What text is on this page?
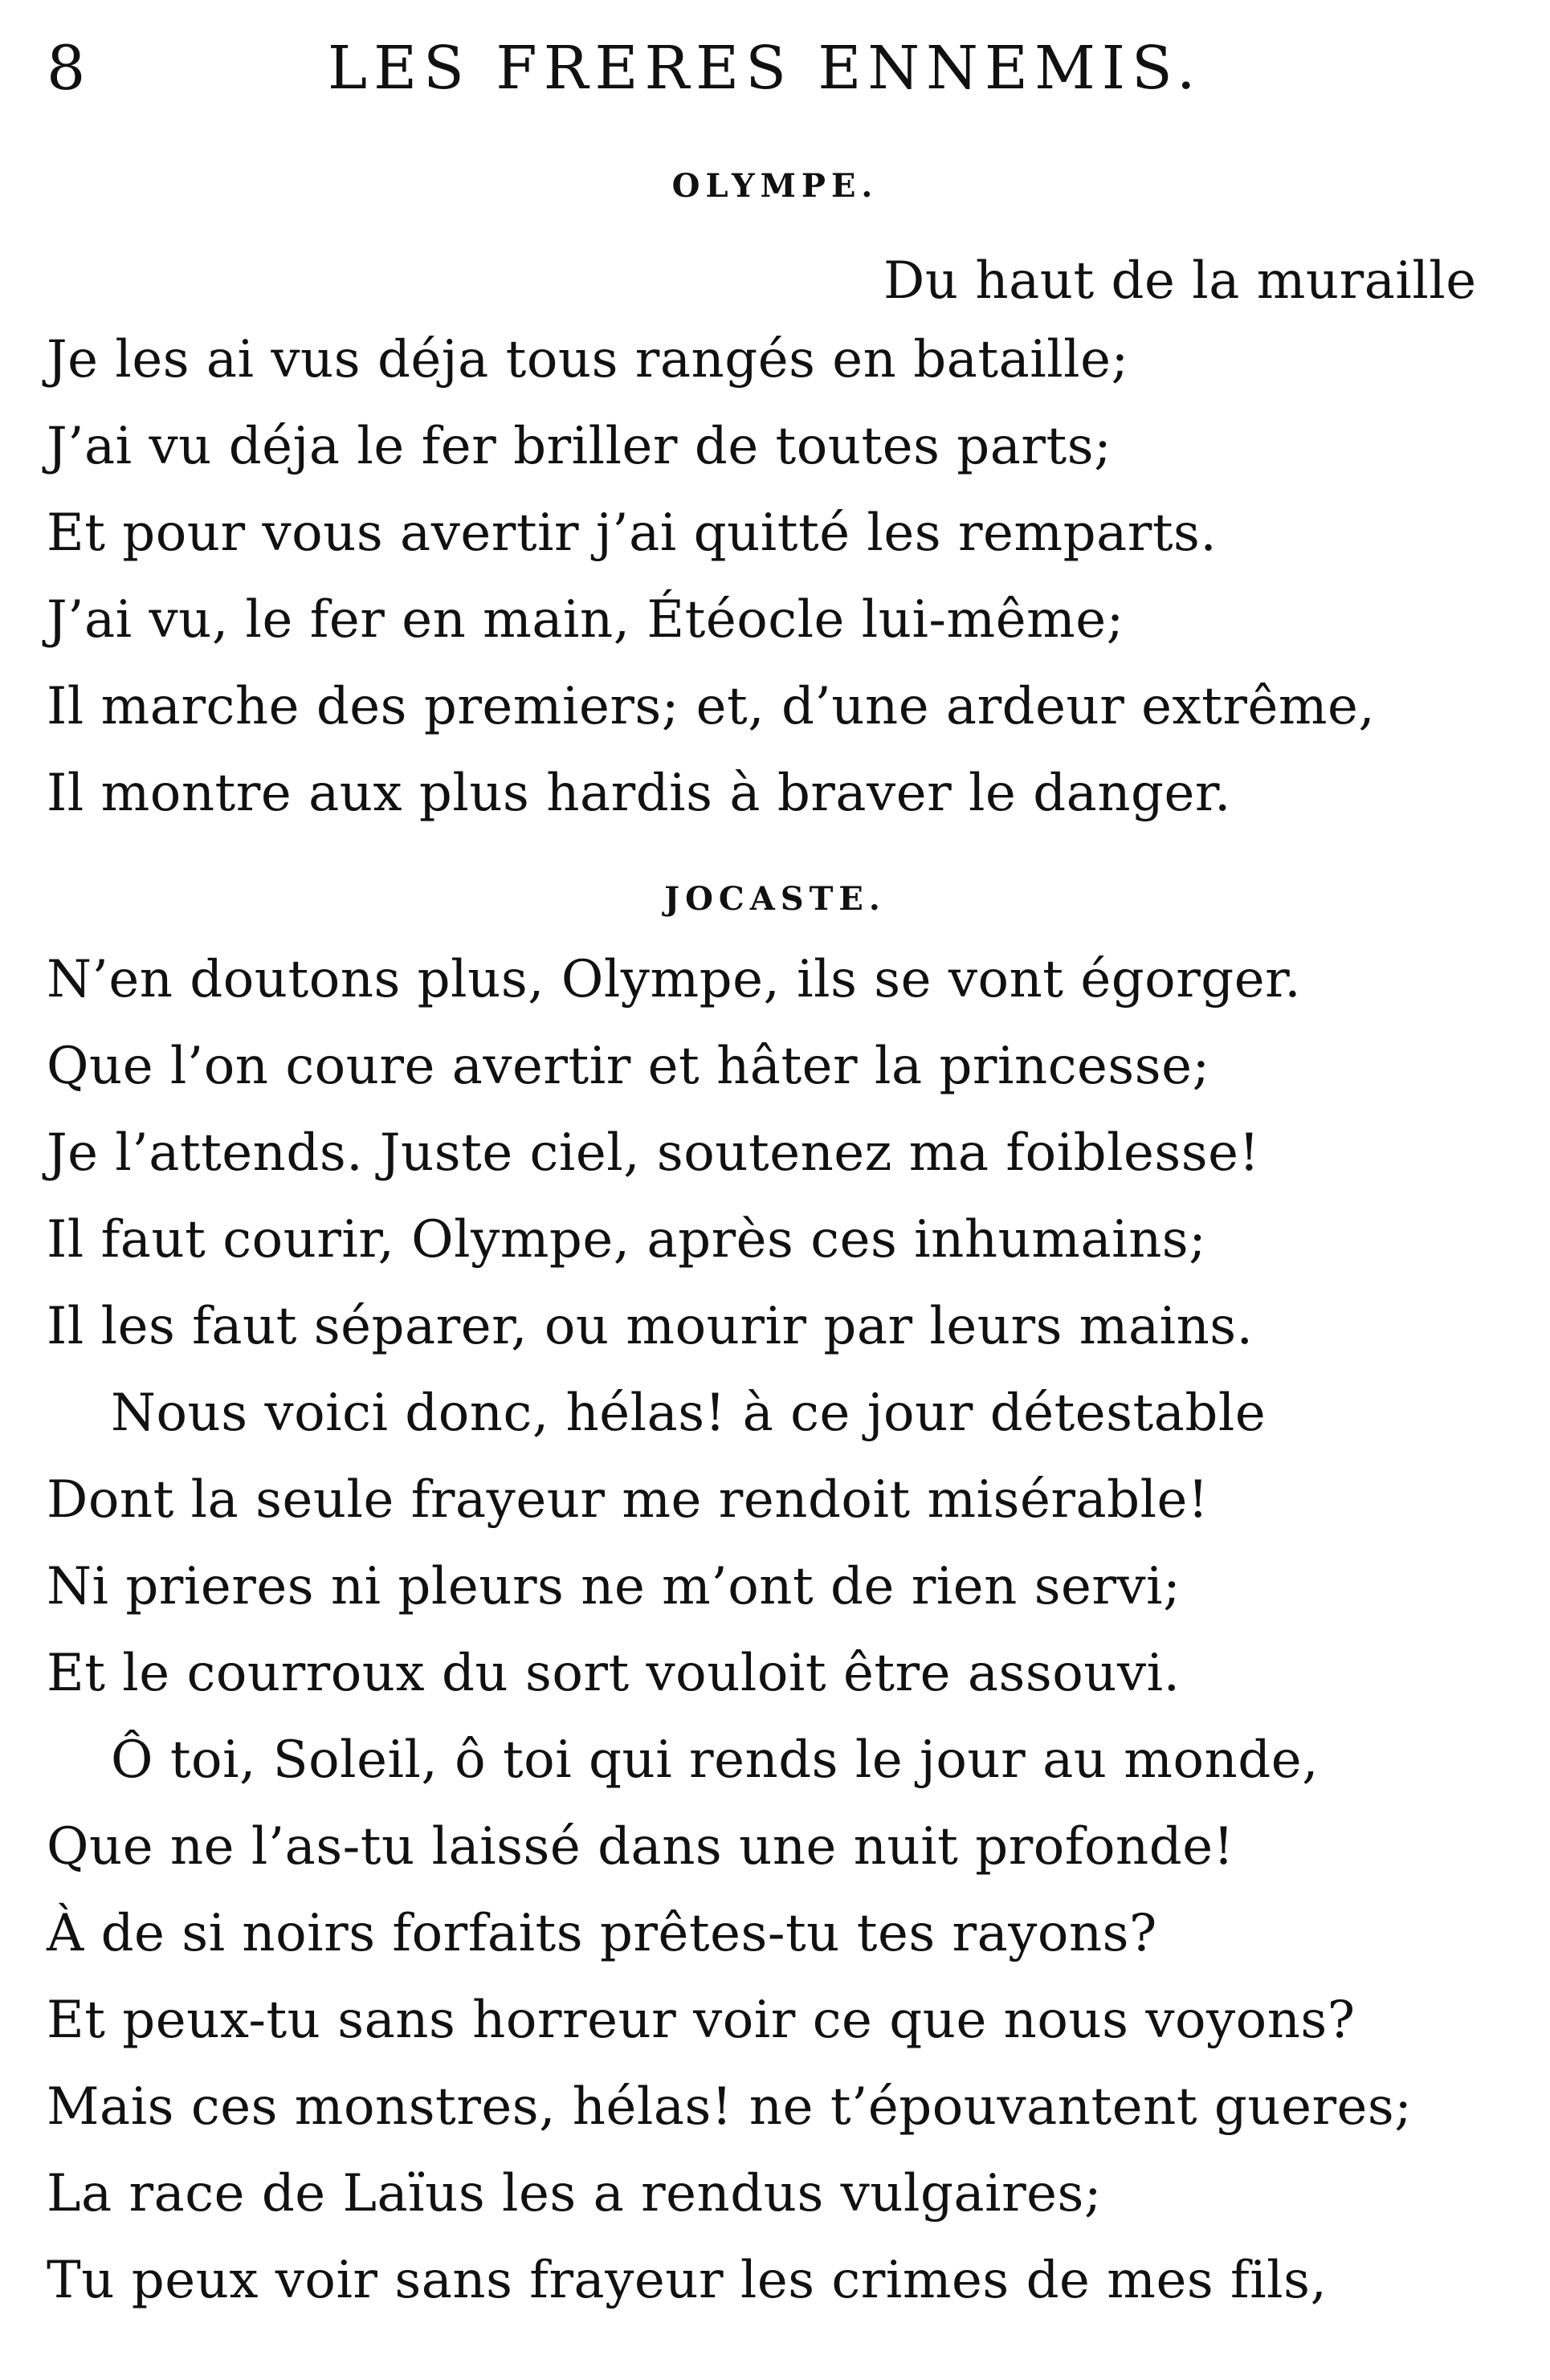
8	LES FRERES ENNEMIS.
OLYMPE.
Du haut de la muraille
Je les ai vus déja tous rangés en bataille;
J’ai vu déja le fer briller de toutes parts;
Et pour vous avertir j’ai quitté les remparts.
J’ai vu, le fer en main, Étéocle lui-même;
Il marche des premiers; et, d’une ardeur extrême,
Il montre aux plus hardis à braver le danger.
JOCASTE.
N’en doutons plus, Olympe, ils se vont égorger.
Que l’on coure avertir et hâter la princesse;
Je l’attends. Juste ciel, soutenez ma foiblesse!
Il faut courir, Olympe, après ces inhumains;
Il les faut séparer, ou mourir par leurs mains.
Nous voici donc, hélas! à ce jour détestable
Dont la seule frayeur me rendoit misérable!
Ni prieres ni pleurs ne m’ont de rien servi;
Et le courroux du sort vouloit être assouvi.
Ô toi, Soleil, ô toi qui rends le jour au monde,
Que ne l’as-tu laissé dans une nuit profonde!
À de si noirs forfaits prêtes-tu tes rayons?
Et peux-tu sans horreur voir ce que nous voyons?
Mais ces monstres, hélas! ne t’épouvantent gueres;
La race de Laïus les a rendus vulgaires;
Tu peux voir sans frayeur les crimes de mes fils,
